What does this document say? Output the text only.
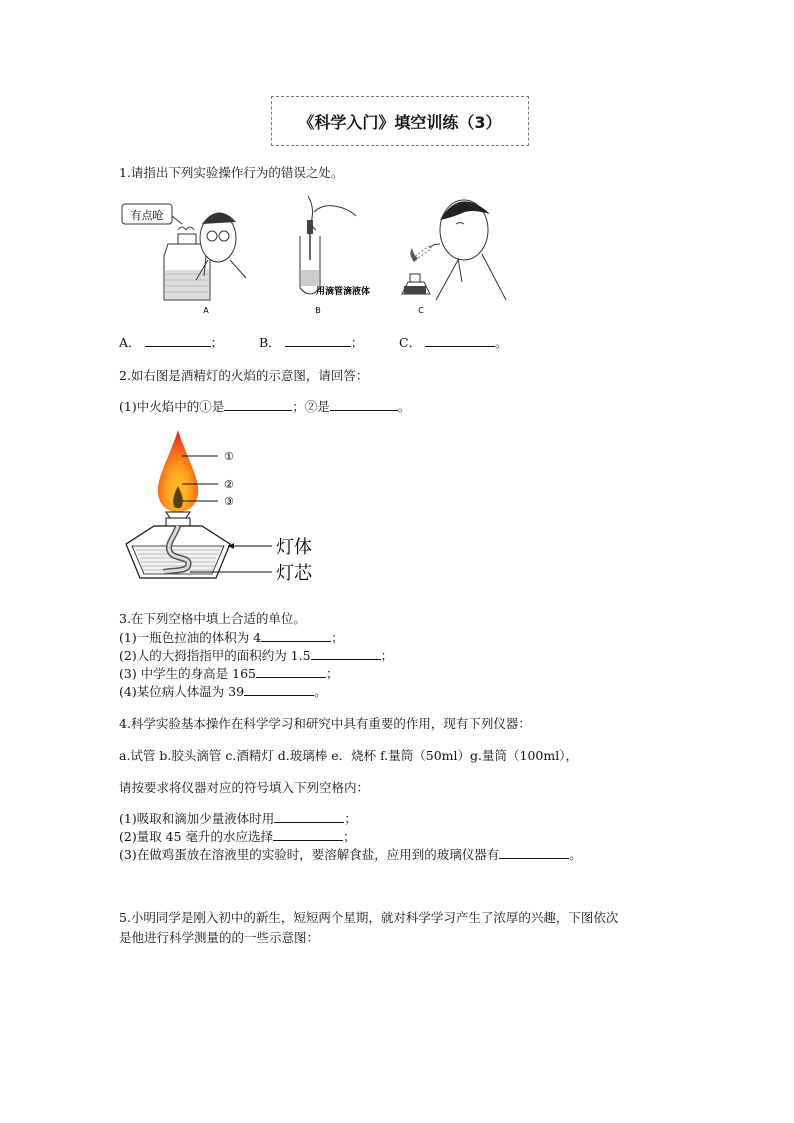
《科学入门》填空训练（3）
1.请指出下列实验操作行为的错误之处。
有点呛
A
用滴管滴液体
B	C
A．	；	B．	；	C．	。
2.如右图是酒精灯的火焰的示意图，请回答：
(1)中火焰中的①是	；②是	。
①
②
③
灯体
灯芯
3.在下列空格中填上合适的单位。
(1)一瓶色拉油的体积为 4	；
(2)人的大拇指指甲的面积约为 1.5	；
(3) 中学生的身高是 165	；
(4)某位病人体温为 39	。
4.科学实验基本操作在科学学习和研究中具有重要的作用，现有下列仪器：
a.试管 b.胶头滴管 c.酒精灯 d.玻璃棒 e．烧杯 f.量筒（50ml）g.量筒（100ml），
请按要求将仪器对应的符号填入下列空格内：
(1)吸取和滴加少量液体时用	；
(2)量取 45 毫升的水应选择	；
(3)在做鸡蛋放在溶液里的实验时，要溶解食盐，应用到的玻璃仪器有	。
5.小明同学是刚入初中的新生，短短两个星期，就对科学学习产生了浓厚的兴趣，下图依次
是他进行科学测量的的一些示意图：
